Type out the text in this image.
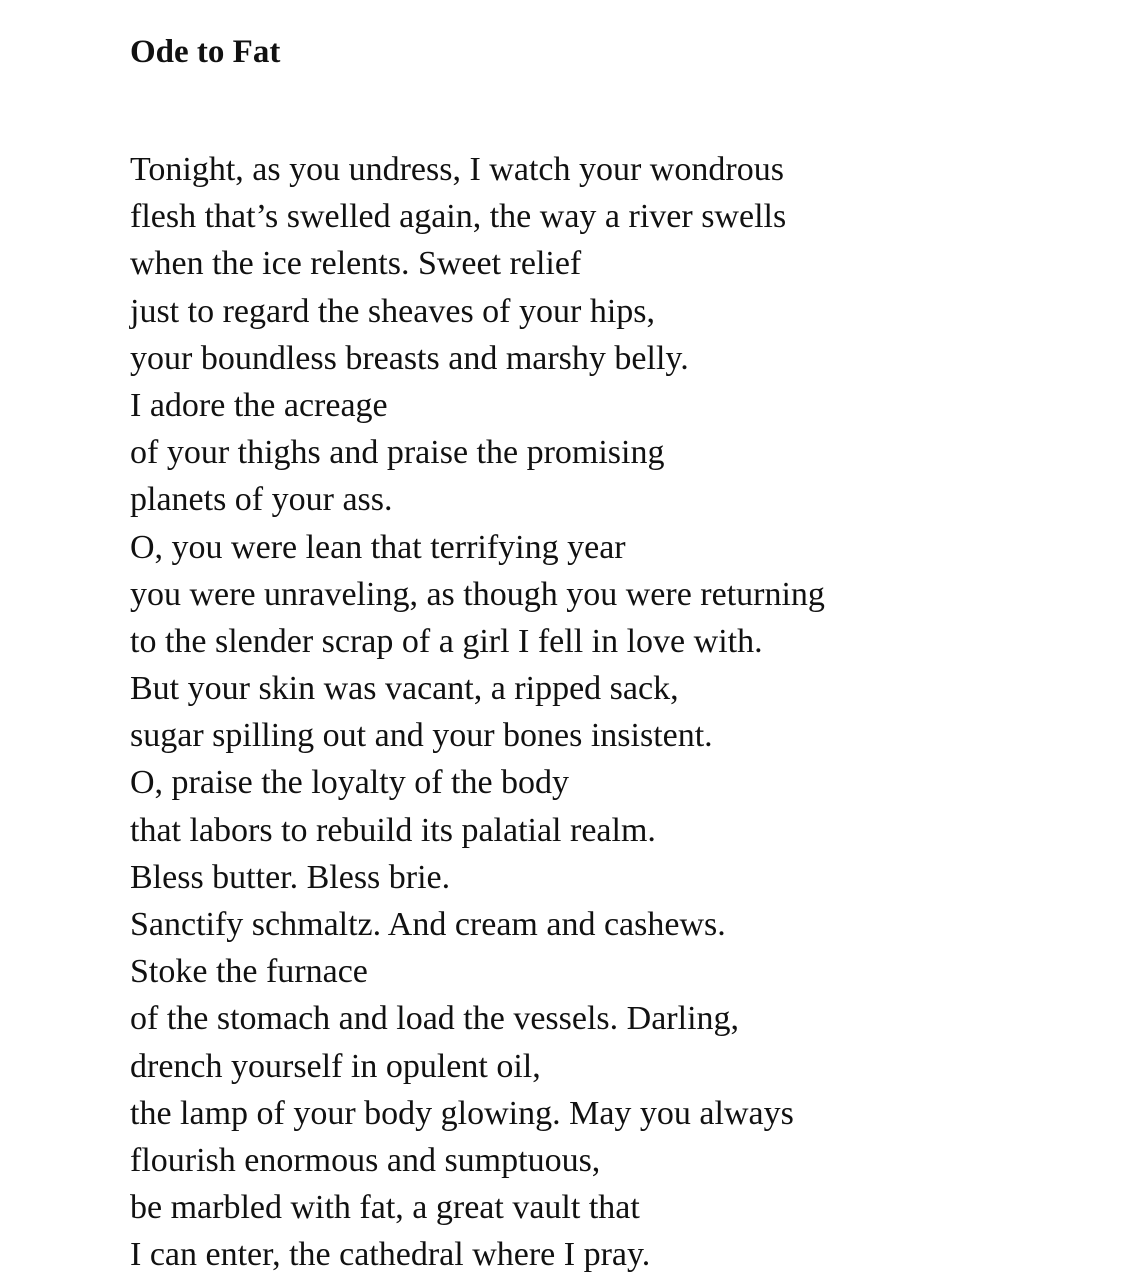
Ode to Fat
Tonight, as you undress, I watch your wondrous
flesh that’s swelled again, the way a river swells
when the ice relents. Sweet relief
just to regard the sheaves of your hips,
your boundless breasts and marshy belly.
I adore the acreage
of your thighs and praise the promising
planets of your ass.
O, you were lean that terrifying year
you were unraveling, as though you were returning
to the slender scrap of a girl I fell in love with.
But your skin was vacant, a ripped sack,
sugar spilling out and your bones insistent.
O, praise the loyalty of the body
that labors to rebuild its palatial realm.
Bless butter. Bless brie.
Sanctify schmaltz. And cream and cashews.
Stoke the furnace
of the stomach and load the vessels. Darling,
drench yourself in opulent oil,
the lamp of your body glowing. May you always
flourish enormous and sumptuous,
be marbled with fat, a great vault that
I can enter, the cathedral where I pray.
